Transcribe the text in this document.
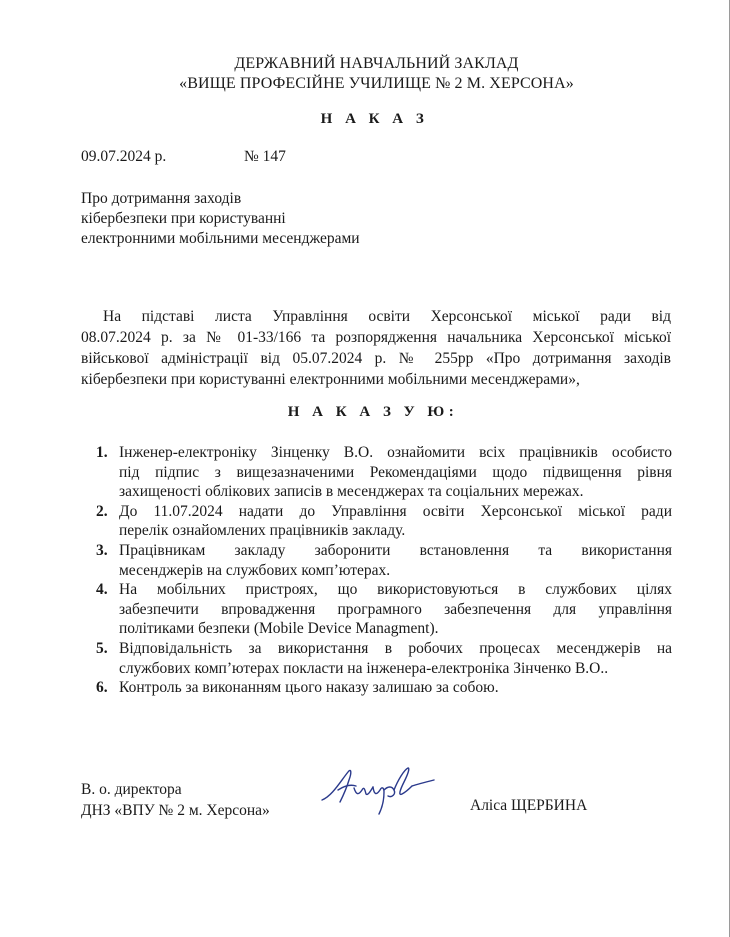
ДЕРЖАВНИЙ НАВЧАЛЬНИЙ ЗАКЛАД
«ВИЩЕ ПРОФЕСІЙНЕ УЧИЛИЩЕ № 2 М. ХЕРСОНА»
Н А К А З
09.07.2024 р.	№ 147
Про дотримання заходів
кібербезпеки при користуванні
електронними мобільними месенджерами
На підставі листа Управління освіти Херсонської міської ради від
08.07.2024 р. за № 01-33/166 та розпорядження начальника Херсонської міської
військової адміністрації від 05.07.2024 р. № 255рр «Про дотримання заходів
кібербезпеки при користуванні електронними мобільними месенджерами»,
Н А К А З У Ю:
1. Інженер-електроніку Зінценку В.О. ознайомити всіх працівників особисто
під підпис з вищезазначеними Рекомендаціями щодо підвищення рівня
захищеності облікових записів в месенджерах та соціальних мережах.
2. До 11.07.2024 надати до Управління освіти Херсонської міської ради
перелік ознайомлених працівників закладу.
3. Працівникам закладу заборонити встановлення та використання
месенджерів на службових комп’ютерах.
4. На мобільних пристроях, що використовуються в службових цілях
забезпечити впровадження програмного забезпечення для управління
політиками безпеки (Mobile Device Managment).
5. Відповідальність за використання в робочих процесах месенджерів на
службових комп’ютерах покласти на інженера-електроніка Зінченко В.О..
6. Контроль за виконанням цього наказу залишаю за собою.
В. о. директора
ДНЗ «ВПУ № 2 м. Херсона»	Аліса ЩЕРБИНА
